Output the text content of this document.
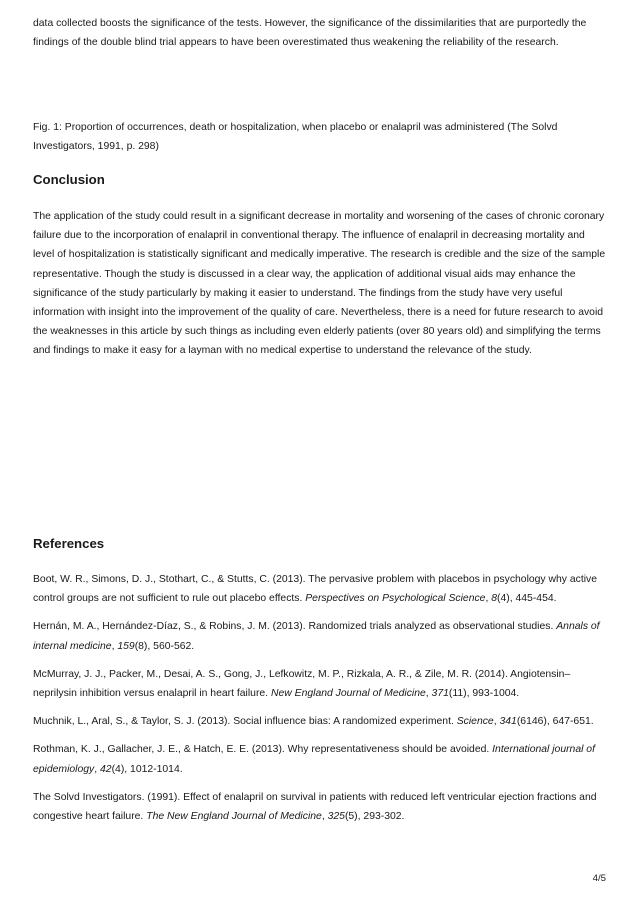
data collected boosts the significance of the tests. However, the significance of the dissimilarities that are purportedly the findings of the double blind trial appears to have been overestimated thus weakening the reliability of the research.

Fig. 1: Proportion of occurrences, death or hospitalization, when placebo or enalapril was administered (The Solvd Investigators, 1991, p. 298)

Conclusion

The application of the study could result in a significant decrease in mortality and worsening of the cases of chronic coronary failure due to the incorporation of enalapril in conventional therapy. The influence of enalapril in decreasing mortality and level of hospitalization is statistically significant and medically imperative. The research is credible and the size of the sample representative. Though the study is discussed in a clear way, the application of additional visual aids may enhance the significance of the study particularly by making it easier to understand. The findings from the study have very useful information with insight into the improvement of the quality of care. Nevertheless, there is a need for future research to avoid the weaknesses in this article by such things as including even elderly patients (over 80 years old) and simplifying the terms and findings to make it easy for a layman with no medical expertise to understand the relevance of the study.

References

Boot, W. R., Simons, D. J., Stothart, C., & Stutts, C. (2013). The pervasive problem with placebos in psychology why active control groups are not sufficient to rule out placebo effects. Perspectives on Psychological Science, 8(4), 445-454.

Hernán, M. A., Hernández-Díaz, S., & Robins, J. M. (2013). Randomized trials analyzed as observational studies. Annals of internal medicine, 159(8), 560-562.

McMurray, J. J., Packer, M., Desai, A. S., Gong, J., Lefkowitz, M. P., Rizkala, A. R., & Zile, M. R. (2014). Angiotensin–neprilysin inhibition versus enalapril in heart failure. New England Journal of Medicine, 371(11), 993-1004.

Muchnik, L., Aral, S., & Taylor, S. J. (2013). Social influence bias: A randomized experiment. Science, 341(6146), 647-651.

Rothman, K. J., Gallacher, J. E., & Hatch, E. E. (2013). Why representativeness should be avoided. International journal of epidemiology, 42(4), 1012-1014.

The Solvd Investigators. (1991). Effect of enalapril on survival in patients with reduced left ventricular ejection fractions and congestive heart failure. The New England Journal of Medicine, 325(5), 293-302.

4/5
